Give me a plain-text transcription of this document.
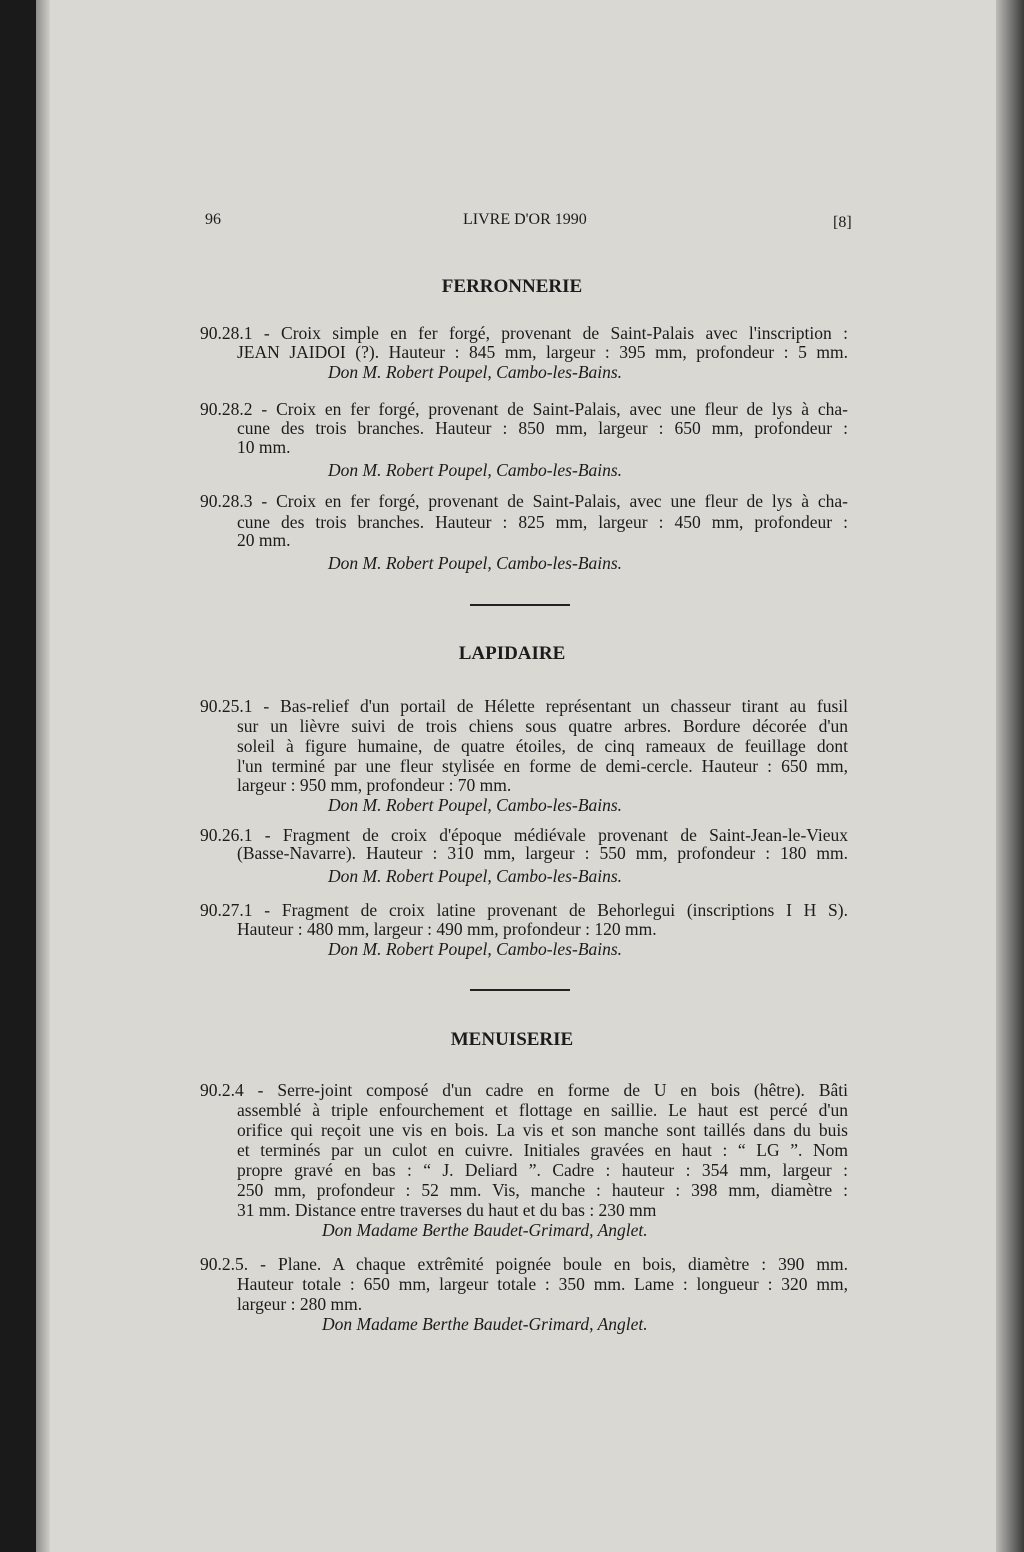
96	LIVRE D'OR 1990	[8]
FERRONNERIE
90.28.1 - Croix simple en fer forgé, provenant de Saint-Palais avec l'inscription :
JEAN JAIDOI (?). Hauteur : 845 mm, largeur : 395 mm, profondeur : 5 mm.
Don M. Robert Poupel, Cambo-les-Bains.
90.28.2 - Croix en fer forgé, provenant de Saint-Palais, avec une fleur de lys à cha-
cune des trois branches. Hauteur : 850 mm, largeur : 650 mm, profondeur :
10 mm.
Don M. Robert Poupel, Cambo-les-Bains.
90.28.3 - Croix en fer forgé, provenant de Saint-Palais, avec une fleur de lys à cha-
cune des trois branches. Hauteur : 825 mm, largeur : 450 mm, profondeur :
20 mm.
Don M. Robert Poupel, Cambo-les-Bains.
LAPIDAIRE
90.25.1 - Bas-relief d'un portail de Hélette représentant un chasseur tirant au fusil
sur un lièvre suivi de trois chiens sous quatre arbres. Bordure décorée d'un
soleil à figure humaine, de quatre étoiles, de cinq rameaux de feuillage dont
l'un terminé par une fleur stylisée en forme de demi-cercle. Hauteur : 650 mm,
largeur : 950 mm, profondeur : 70 mm.
Don M. Robert Poupel, Cambo-les-Bains.
90.26.1 - Fragment de croix d'époque médiévale provenant de Saint-Jean-le-Vieux
(Basse-Navarre). Hauteur : 310 mm, largeur : 550 mm, profondeur : 180 mm.
Don M. Robert Poupel, Cambo-les-Bains.
90.27.1 - Fragment de croix latine provenant de Behorlegui (inscriptions I H S).
Hauteur : 480 mm, largeur : 490 mm, profondeur : 120 mm.
Don M. Robert Poupel, Cambo-les-Bains.
MENUISERIE
90.2.4 - Serre-joint composé d'un cadre en forme de U en bois (hêtre). Bâti
assemblé à triple enfourchement et flottage en saillie. Le haut est percé d'un
orifice qui reçoit une vis en bois. La vis et son manche sont taillés dans du buis
et terminés par un culot en cuivre. Initiales gravées en haut : “ LG ”. Nom
propre gravé en bas : “ J. Deliard ”. Cadre : hauteur : 354 mm, largeur :
250 mm, profondeur : 52 mm. Vis, manche : hauteur : 398 mm, diamètre :
31 mm. Distance entre traverses du haut et du bas : 230 mm
Don Madame Berthe Baudet-Grimard, Anglet.
90.2.5. - Plane. A chaque extrêmité poignée boule en bois, diamètre : 390 mm.
Hauteur totale : 650 mm, largeur totale : 350 mm. Lame : longueur : 320 mm,
largeur : 280 mm.
Don Madame Berthe Baudet-Grimard, Anglet.
